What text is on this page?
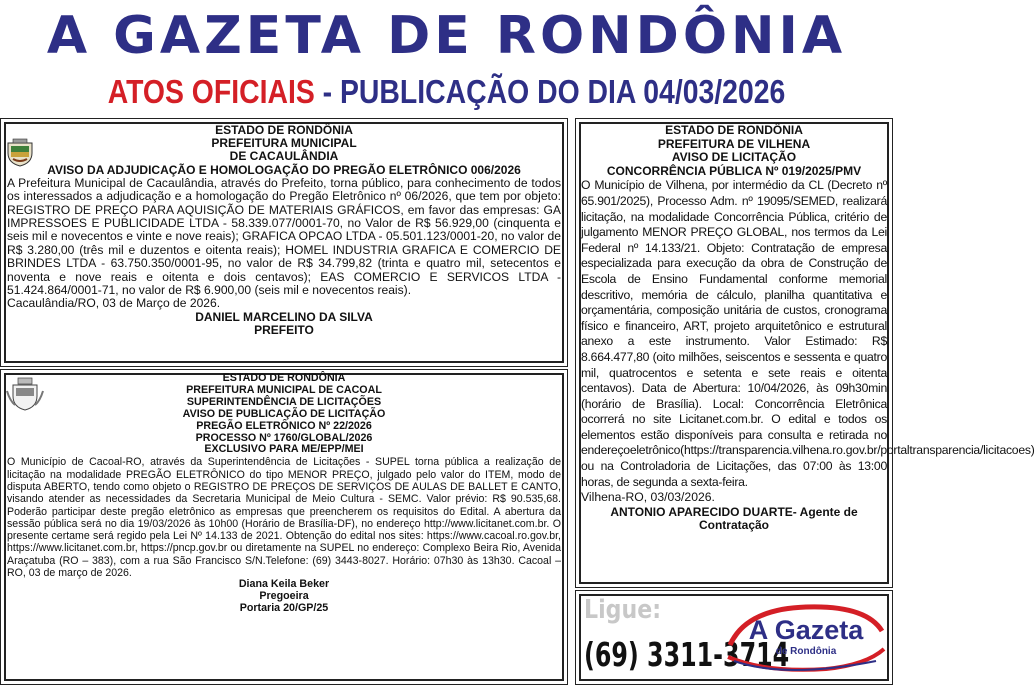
A GAZETA DE RONDÔNIA
ATOS OFICIAIS - PUBLICAÇÃO DO DIA 04/03/2026
ESTADO DE RONDÔNIA
PREFEITURA MUNICIPAL
DE CACAULÂNDIA
AVISO DA ADJUDICAÇÃO E HOMOLOGAÇÃO DO PREGÃO ELETRÔNICO 006/2026
A Prefeitura Municipal de Cacaulândia, através do Prefeito, torna público, para conhecimento de todos os interessados a adjudicação e a homologação do Pregão Eletrônico nº 06/2026, que tem por objeto: REGISTRO DE PREÇO PARA AQUISIÇÃO DE MATERIAIS GRÁFICOS, em favor das empresas: GA IMPRESSOES E PUBLICIDADE LTDA - 58.339.077/0001-70, no Valor de R$ 56.929,00 (cinquenta e seis mil e novecentos e vinte e nove reais); GRAFICA OPCAO LTDA - 05.501.123/0001-20, no valor de R$ 3.280,00 (três mil e duzentos e oitenta reais); HOMEL INDUSTRIA GRAFICA E COMERCIO DE BRINDES LTDA - 63.750.350/0001-95, no valor de R$ 34.799,82 (trinta e quatro mil, setecentos e noventa e nove reais e oitenta e dois centavos); EAS COMERCIO E SERVICOS LTDA - 51.424.864/0001-71, no valor de R$ 6.900,00 (seis mil e novecentos reais).
Cacaulândia/RO, 03 de Março de 2026.
DANIEL MARCELINO DA SILVA
PREFEITO
ESTADO DE RONDÔNIA
PREFEITURA MUNICIPAL DE CACOAL
SUPERINTENDÊNCIA DE LICITAÇÕES
AVISO DE PUBLICAÇÃO DE LICITAÇÃO
PREGÃO ELETRÔNICO Nº 22/2026
PROCESSO Nº 1760/GLOBAL/2026
EXCLUSIVO PARA ME/EPP/MEI
O Município de Cacoal-RO, através da Superintendência de Licitações - SUPEL torna pública a realização de licitação na modalidade PREGÃO ELETRÔNICO do tipo MENOR PREÇO, julgado pelo valor do ITEM, modo de disputa ABERTO, tendo como objeto o REGISTRO DE PREÇOS DE SERVIÇOS DE AULAS DE BALLET E CANTO, visando atender as necessidades da Secretaria Municipal de Meio Cultura - SEMC. Valor prévio: R$ 90.535,68. Poderão participar deste pregão eletrônico as empresas que preencherem os requisitos do Edital. A abertura da sessão pública será no dia 19/03/2026 às 10h00 (Horário de Brasília-DF), no endereço http://www.licitanet.com.br. O presente certame será regido pela Lei Nº 14.133 de 2021. Obtenção do edital nos sites: https://www.cacoal.ro.gov.br, https://www.licitanet.com.br, https://pncp.gov.br ou diretamente na SUPEL no endereço: Complexo Beira Rio, Avenida Araçatuba (RO – 383), com a rua São Francisco S/N.Telefone: (69) 3443-8027. Horário: 07h30 às 13h30. Cacoal – RO, 03 de março de 2026.
Diana Keila Beker
Pregoeira
Portaria 20/GP/25
ESTADO DE RONDÔNIA
PREFEITURA DE VILHENA
AVISO DE LICITAÇÃO
CONCORRÊNCIA PÚBLICA Nº 019/2025/PMV
O Município de Vilhena, por intermédio da CL (Decreto nº 65.901/2025), Processo Adm. nº 19095/SEMED, realizará licitação, na modalidade Concorrência Pública, critério de julgamento MENOR PREÇO GLOBAL, nos termos da Lei Federal nº 14.133/21. Objeto: Contratação de empresa especializada para execução da obra de Construção de Escola de Ensino Fundamental conforme memorial descritivo, memória de cálculo, planilha quantitativa e orçamentária, composição unitária de custos, cronograma físico e financeiro, ART, projeto arquitetônico e estrutural anexo a este instrumento. Valor Estimado: R$ 8.664.477,80 (oito milhões, seiscentos e sessenta e quatro mil, quatrocentos e setenta e sete reais e oitenta centavos). Data de Abertura: 10/04/2026, às 09h30min (horário de Brasília). Local: Concorrência Eletrônica ocorrerá no site Licitanet.com.br. O edital e todos os elementos estão disponíveis para consulta e retirada no endereçoeletrônico(https://transparencia.vilhena.ro.gov.br/portaltransparencia/licitacoes) ou na Controladoria de Licitações, das 07:00 às 13:00 horas, de segunda a sexta-feira.
Vilhena-RO, 03/03/2026.
ANTONIO APARECIDO DUARTE- Agente de Contratação
Ligue:
(69) 3311-3714
A Gazeta
de Rondônia
